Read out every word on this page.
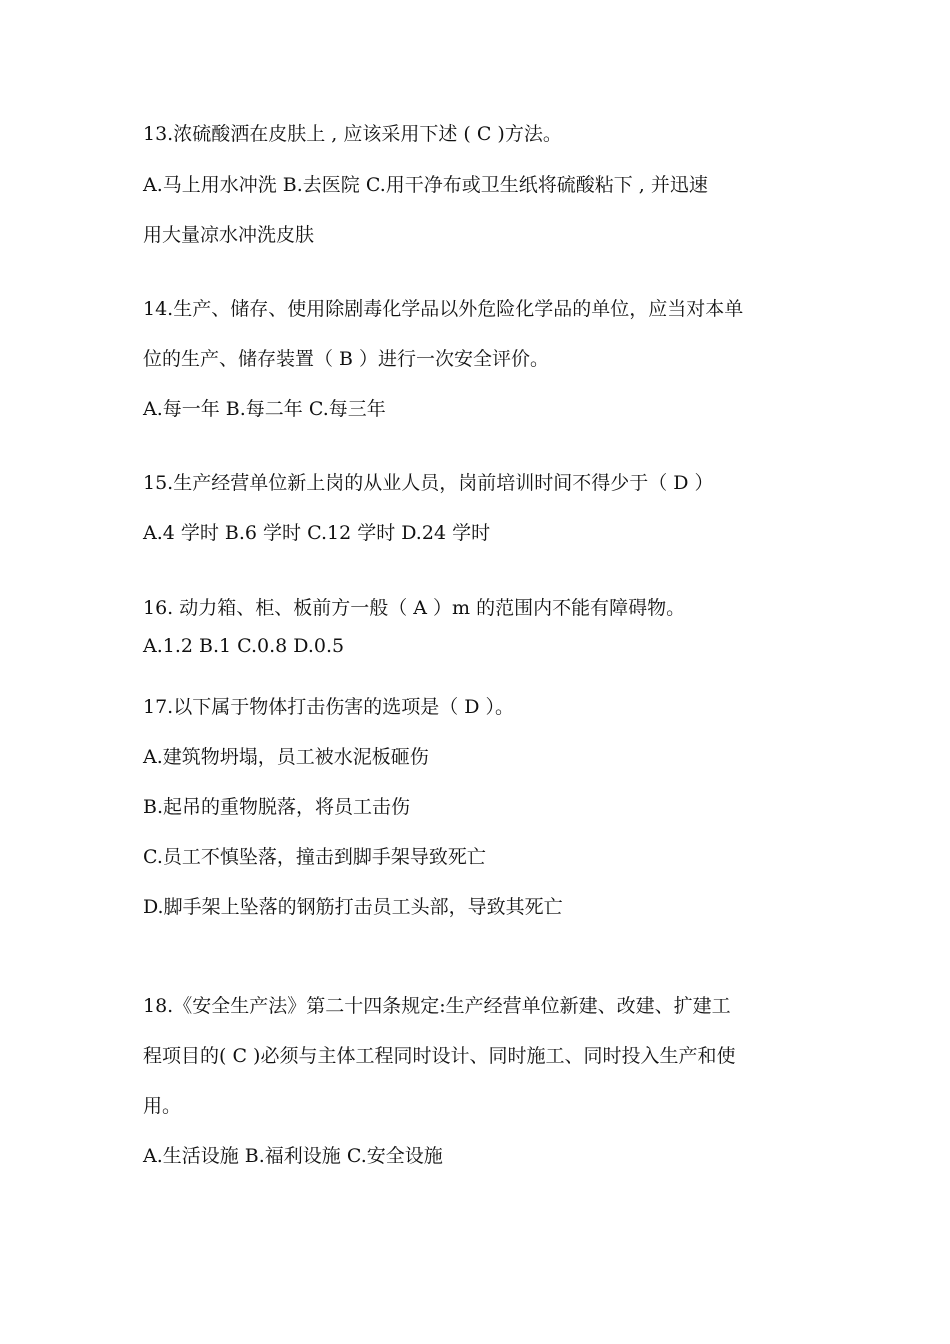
13.浓硫酸洒在皮肤上 , 应该采用下述 ( C )方法。
A.马上用水冲洗 B.去医院 C.用干净布或卫生纸将硫酸粘下 , 并迅速
用大量凉水冲洗皮肤
14.生产、储存、使用除剧毒化学品以外危险化学品的单位，应当对本单
位的生产、储存装置（ B ）进行一次安全评价。
A.每一年 B.每二年 C.每三年
15.生产经营单位新上岗的从业人员，岗前培训时间不得少于（ D ）
A.4 学时 B.6 学时 C.12 学时 D.24 学时
16. 动力箱、柜、板前方一般（ A ）m 的范围内不能有障碍物。
A.1.2 B.1 C.0.8 D.0.5
17.以下属于物体打击伤害的选项是（ D ）。
A.建筑物坍塌，员工被水泥板砸伤
B.起吊的重物脱落，将员工击伤
C.员工不慎坠落，撞击到脚手架导致死亡
D.脚手架上坠落的钢筋打击员工头部，导致其死亡
18.《安全生产法》第二十四条规定:生产经营单位新建、改建、扩建工
程项目的( C )必须与主体工程同时设计、同时施工、同时投入生产和使
用。
A.生活设施 B.福利设施 C.安全设施
